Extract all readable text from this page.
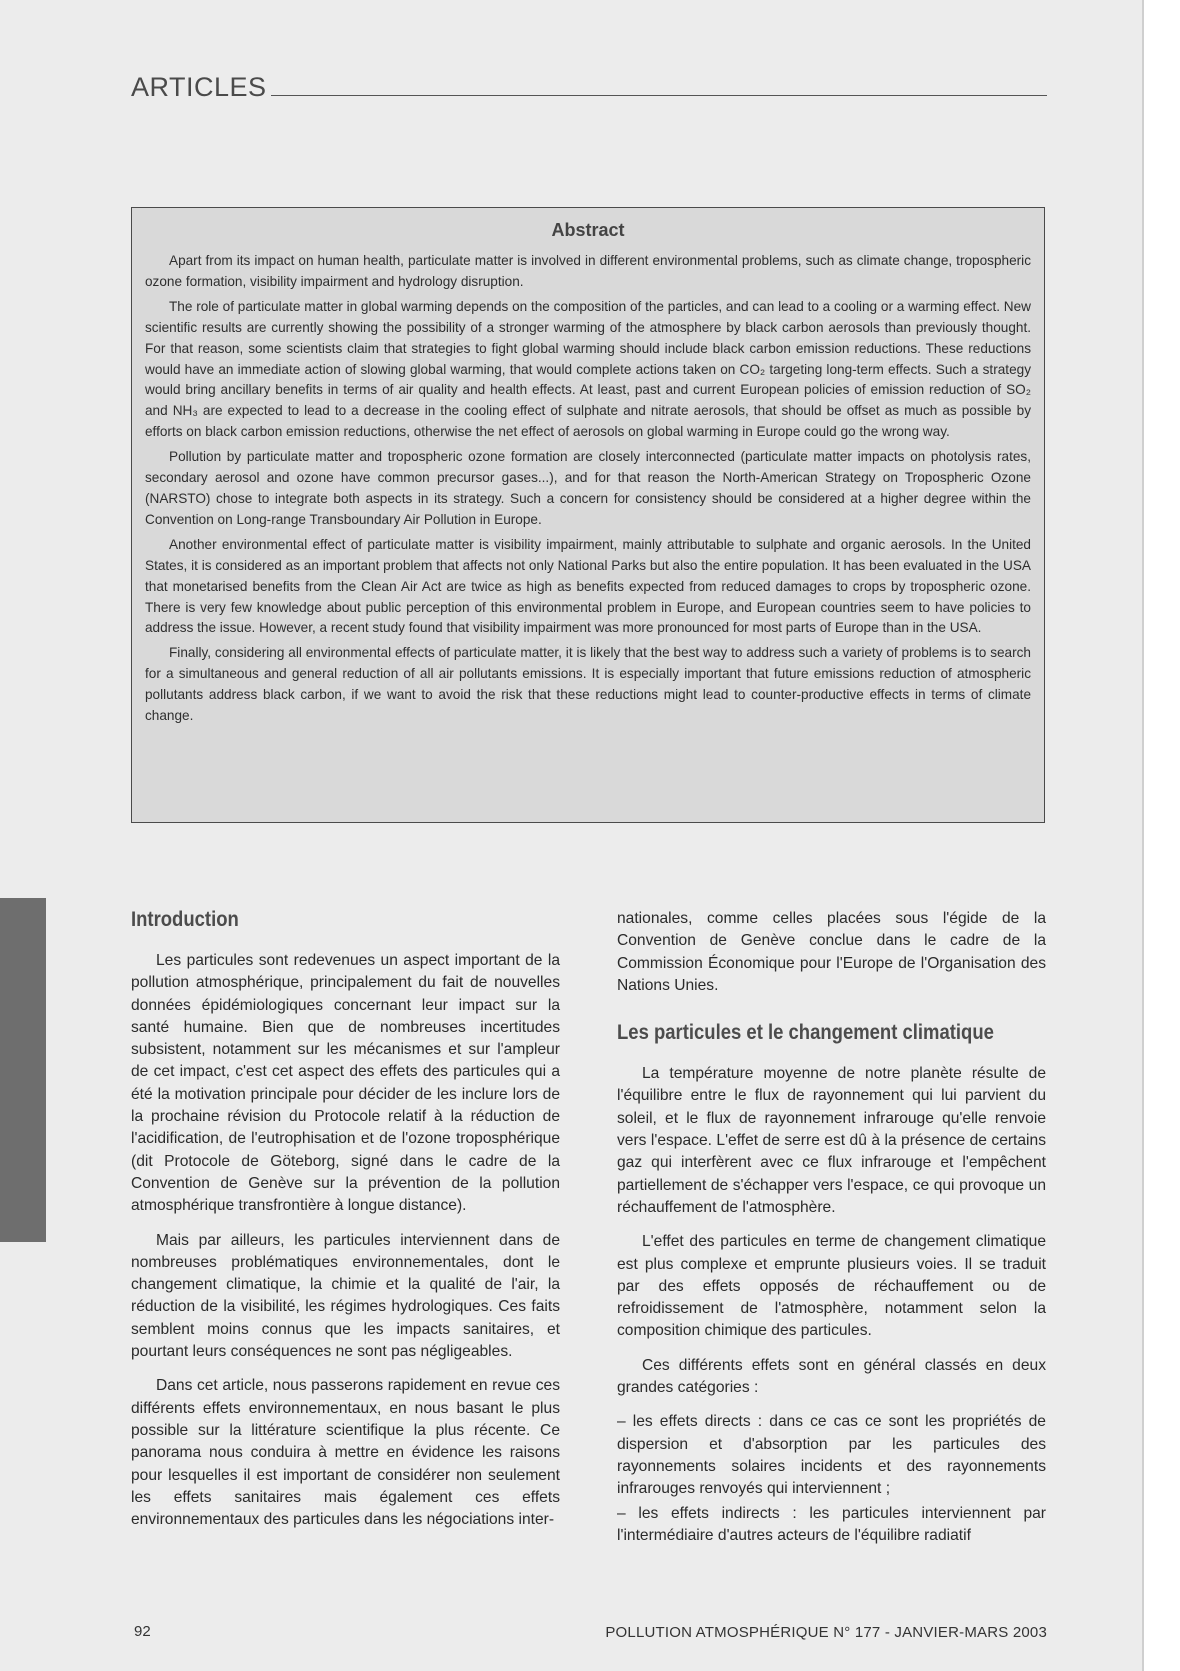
ARTICLES
Abstract

Apart from its impact on human health, particulate matter is involved in different environmental problems, such as climate change, tropospheric ozone formation, visibility impairment and hydrology disruption.

The role of particulate matter in global warming depends on the composition of the particles, and can lead to a cooling or a warming effect. New scientific results are currently showing the possibility of a stronger warming of the atmosphere by black carbon aerosols than previously thought. For that reason, some scientists claim that strategies to fight global warming should include black carbon emission reductions. These reductions would have an immediate action of slowing global warming, that would complete actions taken on CO₂ targeting long-term effects. Such a strategy would bring ancillary benefits in terms of air quality and health effects. At least, past and current European policies of emission reduction of SO₂ and NH₃ are expected to lead to a decrease in the cooling effect of sulphate and nitrate aerosols, that should be offset as much as possible by efforts on black carbon emission reductions, otherwise the net effect of aerosols on global warming in Europe could go the wrong way.

Pollution by particulate matter and tropospheric ozone formation are closely interconnected (particulate matter impacts on photolysis rates, secondary aerosol and ozone have common precursor gases...), and for that reason the North-American Strategy on Tropospheric Ozone (NARSTO) chose to integrate both aspects in its strategy. Such a concern for consistency should be considered at a higher degree within the Convention on Long-range Transboundary Air Pollution in Europe.

Another environmental effect of particulate matter is visibility impairment, mainly attributable to sulphate and organic aerosols. In the United States, it is considered as an important problem that affects not only National Parks but also the entire population. It has been evaluated in the USA that monetarised benefits from the Clean Air Act are twice as high as benefits expected from reduced damages to crops by tropospheric ozone. There is very few knowledge about public perception of this environmental problem in Europe, and European countries seem to have policies to address the issue. However, a recent study found that visibility impairment was more pronounced for most parts of Europe than in the USA.

Finally, considering all environmental effects of particulate matter, it is likely that the best way to address such a variety of problems is to search for a simultaneous and general reduction of all air pollutants emissions. It is especially important that future emissions reduction of atmospheric pollutants address black carbon, if we want to avoid the risk that these reductions might lead to counter-productive effects in terms of climate change.

Introduction

Les particules sont redevenues un aspect important de la pollution atmosphérique, principalement du fait de nouvelles données épidémiologiques concernant leur impact sur la santé humaine. Bien que de nombreuses incertitudes subsistent, notamment sur les mécanismes et sur l'ampleur de cet impact, c'est cet aspect des effets des particules qui a été la motivation principale pour décider de les inclure lors de la prochaine révision du Protocole relatif à la réduction de l'acidification, de l'eutrophisation et de l'ozone troposphérique (dit Protocole de Göteborg, signé dans le cadre de la Convention de Genève sur la prévention de la pollution atmosphérique transfrontière à longue distance).

Mais par ailleurs, les particules interviennent dans de nombreuses problématiques environnementales, dont le changement climatique, la chimie et la qualité de l'air, la réduction de la visibilité, les régimes hydrologiques. Ces faits semblent moins connus que les impacts sanitaires, et pourtant leurs conséquences ne sont pas négligeables.

Dans cet article, nous passerons rapidement en revue ces différents effets environnementaux, en nous basant le plus possible sur la littérature scientifique la plus récente. Ce panorama nous conduira à mettre en évidence les raisons pour lesquelles il est important de considérer non seulement les effets sanitaires mais également ces effets environnementaux des particules dans les négociations inter-

nationales, comme celles placées sous l'égide de la Convention de Genève conclue dans le cadre de la Commission Économique pour l'Europe de l'Organisation des Nations Unies.

Les particules et le changement climatique

La température moyenne de notre planète résulte de l'équilibre entre le flux de rayonnement qui lui parvient du soleil, et le flux de rayonnement infrarouge qu'elle renvoie vers l'espace. L'effet de serre est dû à la présence de certains gaz qui interfèrent avec ce flux infrarouge et l'empêchent partiellement de s'échapper vers l'espace, ce qui provoque un réchauffement de l'atmosphère.

L'effet des particules en terme de changement climatique est plus complexe et emprunte plusieurs voies. Il se traduit par des effets opposés de réchauffement ou de refroidissement de l'atmosphère, notamment selon la composition chimique des particules.

Ces différents effets sont en général classés en deux grandes catégories :

– les effets directs : dans ce cas ce sont les propriétés de dispersion et d'absorption par les particules des rayonnements solaires incidents et des rayonnements infrarouges renvoyés qui interviennent ;

– les effets indirects : les particules interviennent par l'intermédiaire d'autres acteurs de l'équilibre radiatif

92	POLLUTION ATMOSPHÉRIQUE N° 177 - JANVIER-MARS 2003
